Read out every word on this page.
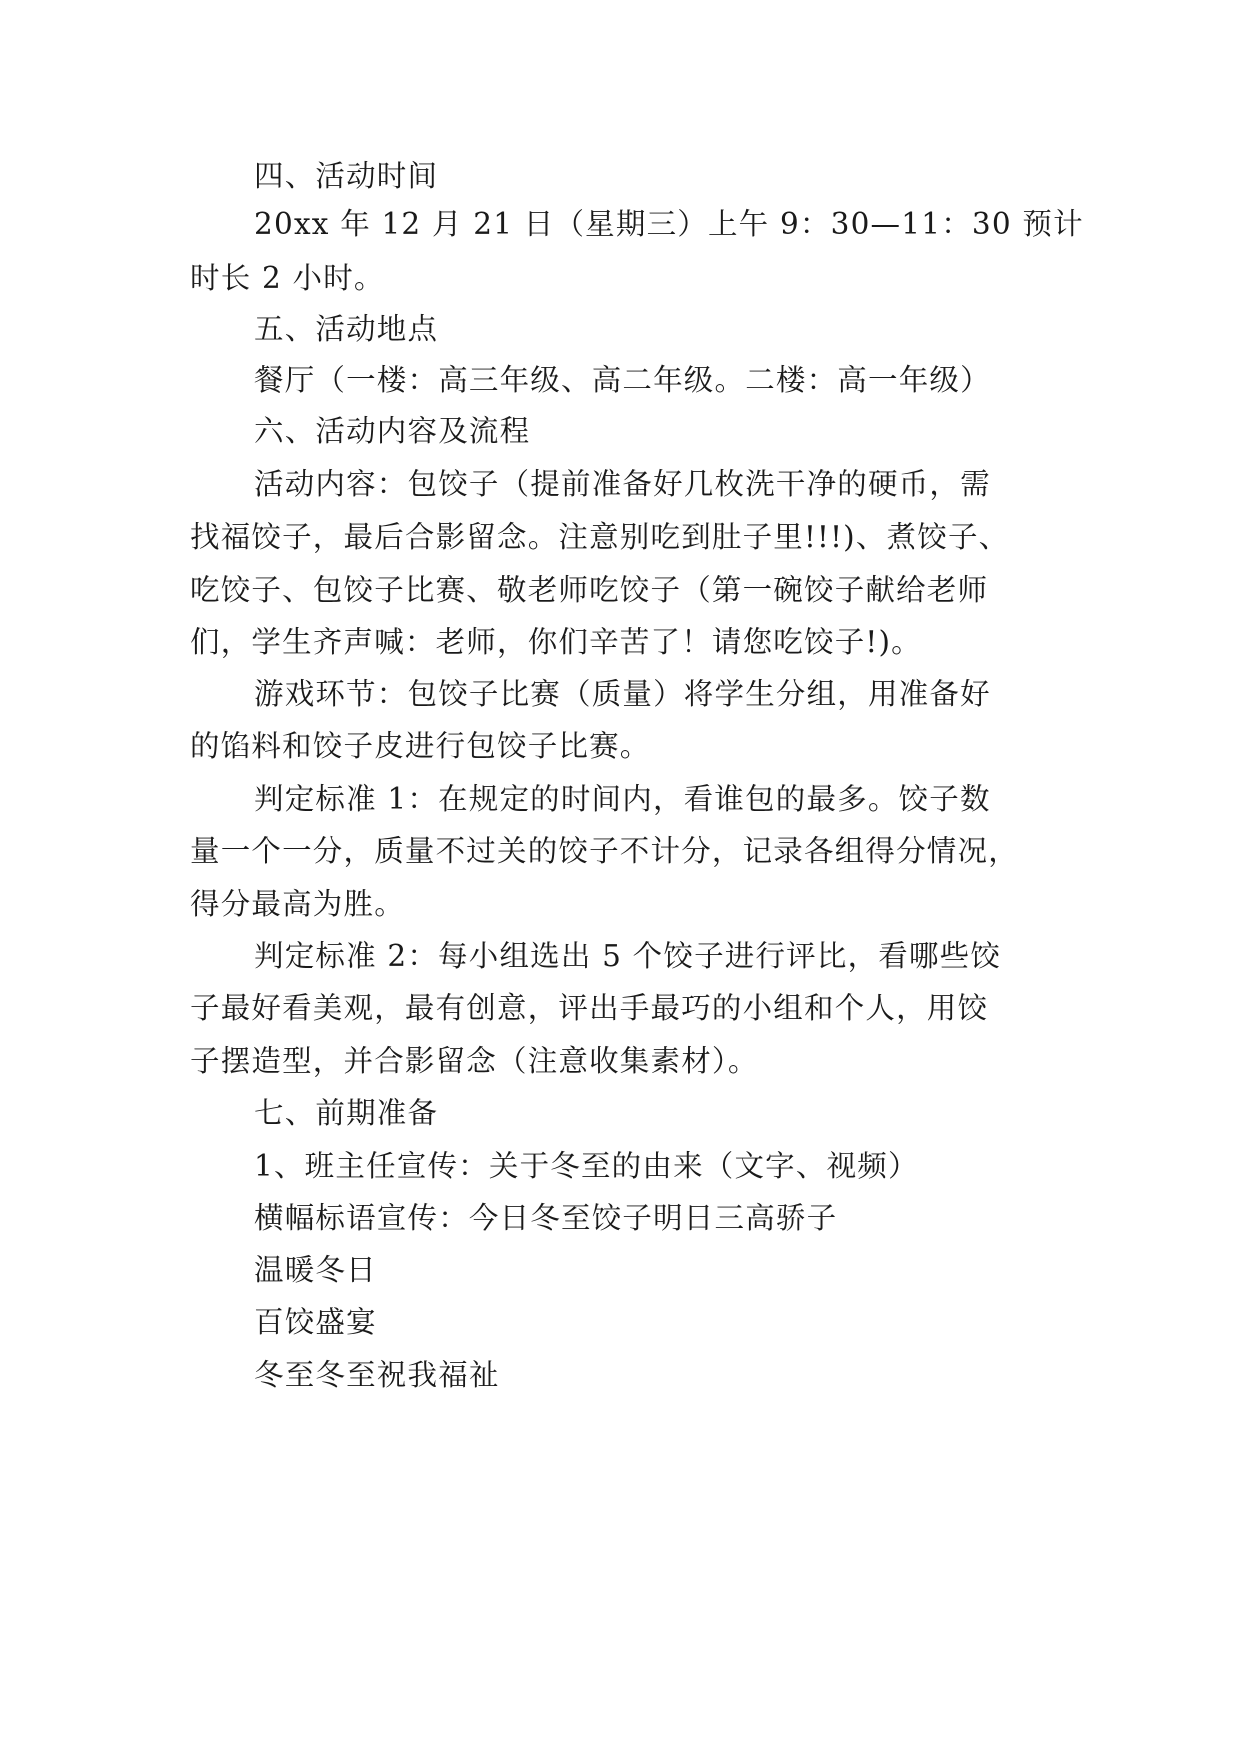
四、活动时间
20xx 年 12 月 21 日（星期三）上午 9：30—11：30 预计
时长 2 小时。
五、活动地点
餐厅（一楼：高三年级、高二年级。二楼：高一年级）
六、活动内容及流程
活动内容：包饺子（提前准备好几枚洗干净的硬币，需
找福饺子，最后合影留念。注意别吃到肚子里!!!)、煮饺子、
吃饺子、包饺子比赛、敬老师吃饺子（第一碗饺子献给老师
们，学生齐声喊：老师，你们辛苦了！请您吃饺子!)。
游戏环节：包饺子比赛（质量）将学生分组，用准备好
的馅料和饺子皮进行包饺子比赛。
判定标准 1：在规定的时间内，看谁包的最多。饺子数
量一个一分，质量不过关的饺子不计分，记录各组得分情况，
得分最高为胜。
判定标准 2：每小组选出 5 个饺子进行评比，看哪些饺
子最好看美观，最有创意，评出手最巧的小组和个人，用饺
子摆造型，并合影留念（注意收集素材）。
七、前期准备
1、班主任宣传：关于冬至的由来（文字、视频）
横幅标语宣传：今日冬至饺子明日三高骄子
温暖冬日
百饺盛宴
冬至冬至祝我福祉
